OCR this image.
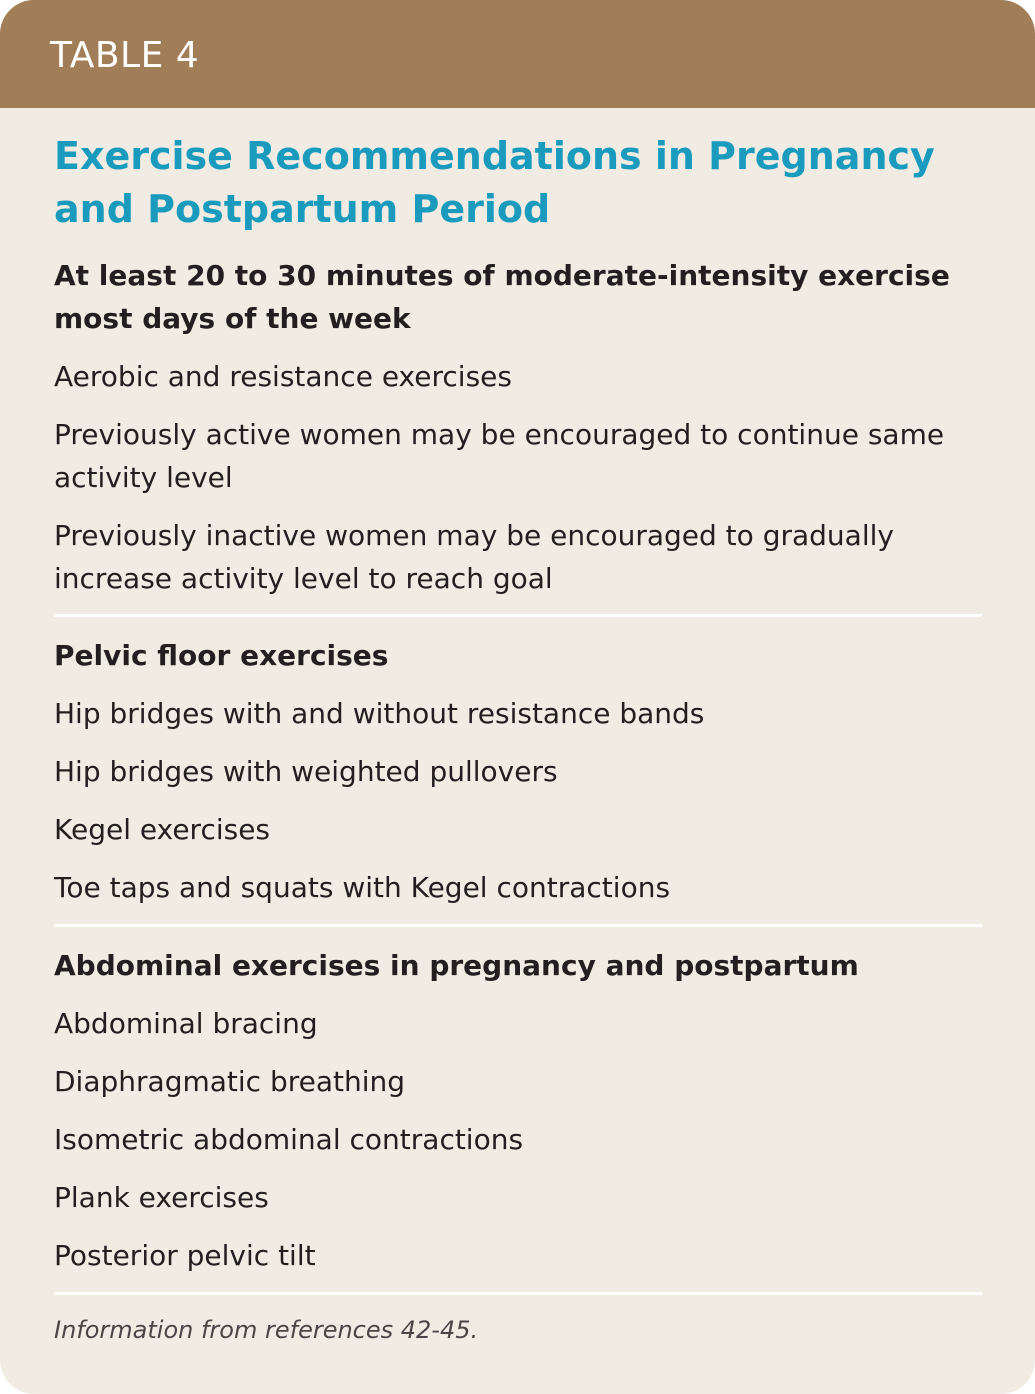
TABLE 4
Exercise Recommendations in Pregnancy and Postpartum Period

At least 20 to 30 minutes of moderate-intensity exercise most days of the week

Aerobic and resistance exercises

Previously active women may be encouraged to continue same activity level

Previously inactive women may be encouraged to gradually increase activity level to reach goal

Pelvic floor exercises

Hip bridges with and without resistance bands

Hip bridges with weighted pullovers

Kegel exercises

Toe taps and squats with Kegel contractions

Abdominal exercises in pregnancy and postpartum

Abdominal bracing

Diaphragmatic breathing

Isometric abdominal contractions

Plank exercises

Posterior pelvic tilt

Information from references 42-45.
